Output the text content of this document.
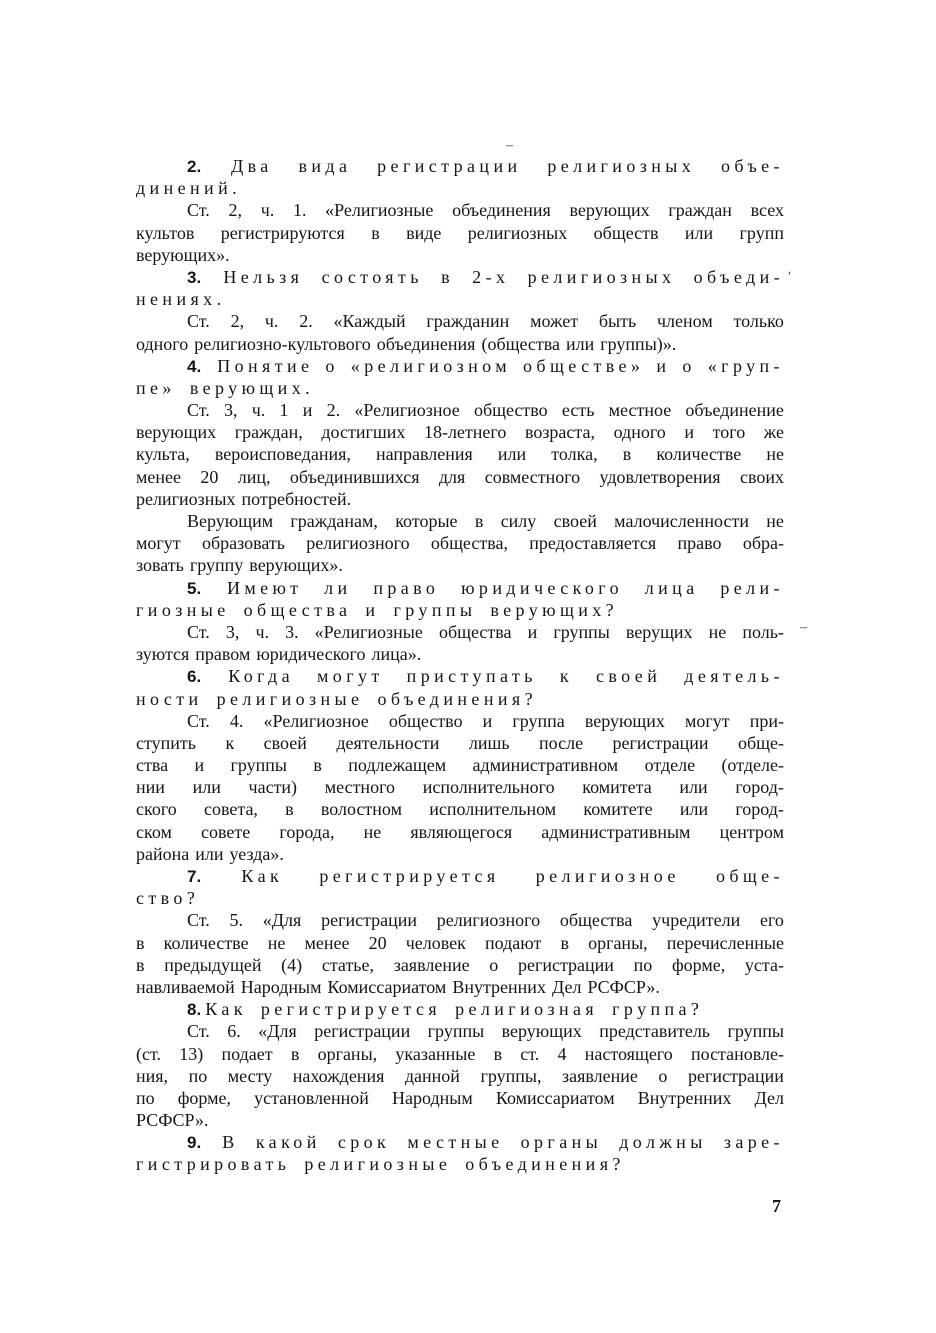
2. Два вида регистрации религиозных объе-
динений.
Ст. 2, ч. 1. «Религиозные объединения верующих граждан всех
культов регистрируются в виде религиозных обществ или групп
верующих».
3. Нельзя состоять в 2-х религиозных объеди-
нениях.
Ст. 2, ч. 2. «Каждый гражданин может быть членом только
одного религиозно-культового объединения (общества или группы)».
4. Понятие о «религиозном обществе» и о «груп-
пе» верующих.
Ст. 3, ч. 1 и 2. «Религиозное общество есть местное объединение
верующих граждан, достигших 18-летнего возраста, одного и того же
культа, вероисповедания, направления или толка, в количестве не
менее 20 лиц, объединившихся для совместного удовлетворения своих
религиозных потребностей.
Верующим гражданам, которые в силу своей малочисленности не
могут образовать религиозного общества, предоставляется право обра-
зовать группу верующих».
5. Имеют ли право юридического лица рели-
гиозные общества и группы верующих?
Ст. 3, ч. 3. «Религиозные общества и группы верущих не поль-
зуются правом юридического лица».
6. Когда могут приступать к своей деятель-
ности религиозные объединения?
Ст. 4. «Религиозное общество и группа верующих могут при-
ступить к своей деятельности лишь после регистрации обще-
ства и группы в подлежащем административном отделе (отделе-
нии или части) местного исполнительного комитета или город-
ского совета, в волостном исполнительном комитете или город-
ском совете города, не являющегося административным центром
района или уезда».
7. Как регистрируется религиозное обще-
ство?
Ст. 5. «Для регистрации религиозного общества учредители его
в количестве не менее 20 человек подают в органы, перечисленные
в предыдущей (4) статье, заявление о регистрации по форме, уста-
навливаемой Народным Комиссариатом Внутренних Дел РСФСР».
8. Как регистрируется религиозная группа?
Ст. 6. «Для регистрации группы верующих представитель группы
(ст. 13) подает в органы, указанные в ст. 4 настоящего постановле-
ния, по месту нахождения данной группы, заявление о регистрации
по форме, установленной Народным Комиссариатом Внутренних Дел
РСФСР».
9. В какой срок местные органы должны заре-
гистрировать религиозные объединения?
7
‒
ʹ
–
